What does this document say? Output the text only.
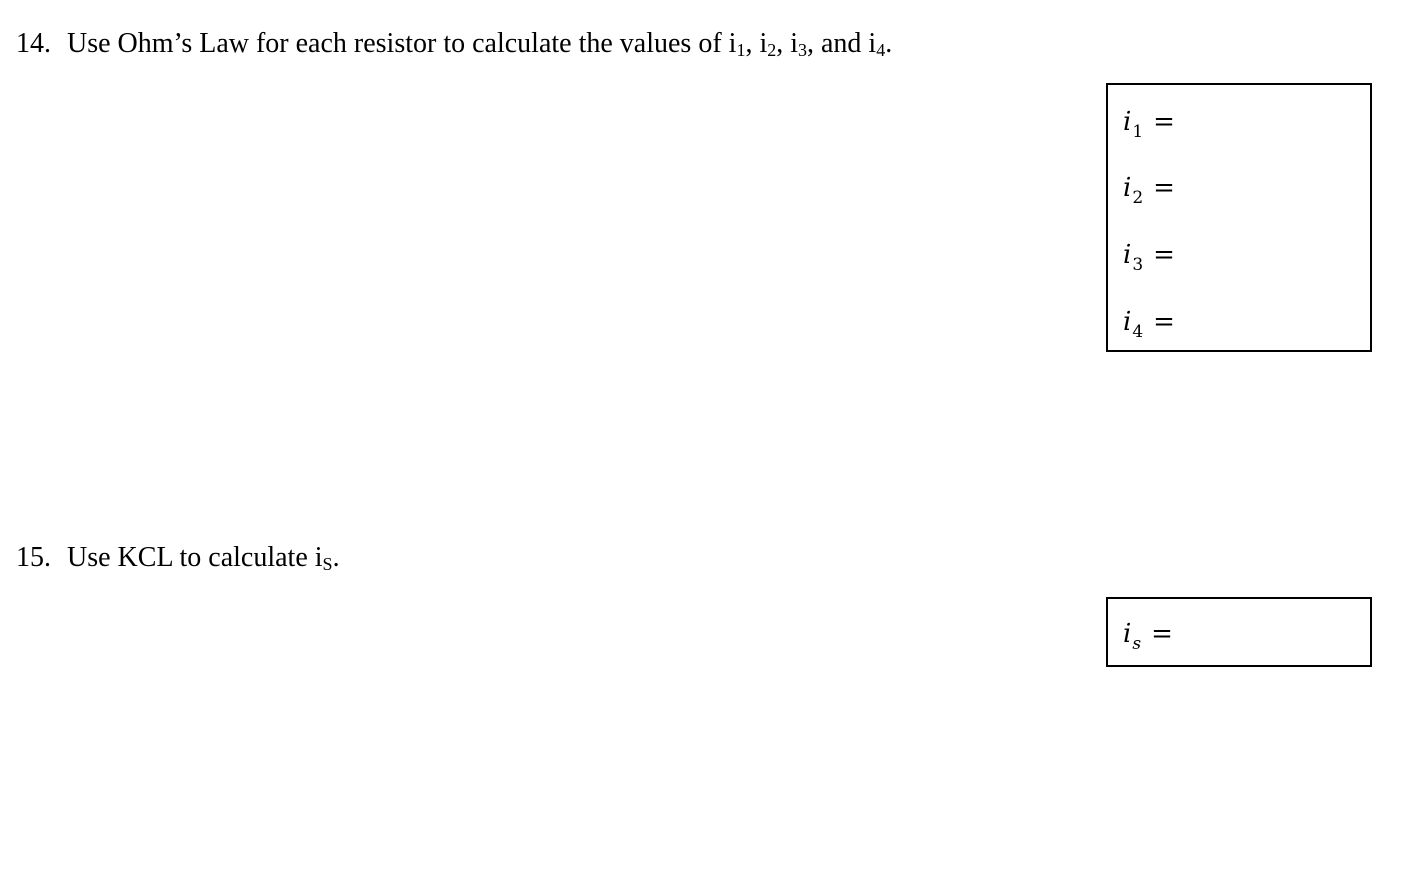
14. Use Ohm’s Law for each resistor to calculate the values of $i_1$, $i_2$, $i_3$, and $i_4$.
$i_1$ =
$i_2$ =
$i_3$ =
$i_4$ =
15. Use KCL to calculate $i_S$.
$i_s$ =
